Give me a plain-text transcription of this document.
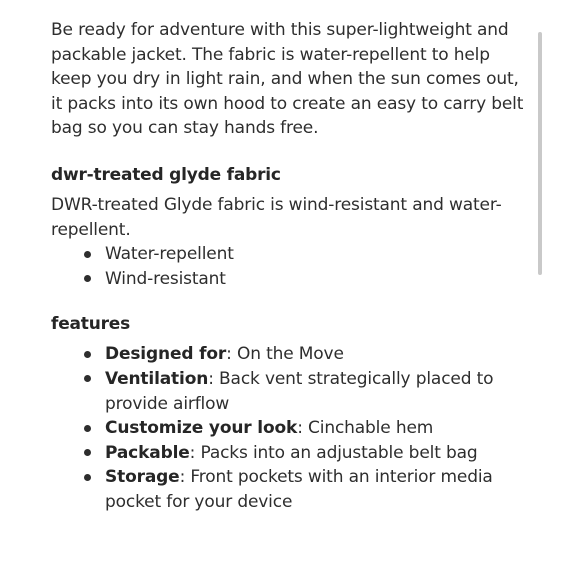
Be ready for adventure with this super-lightweight and packable jacket. The fabric is water-repellent to help keep you dry in light rain, and when the sun comes out, it packs into its own hood to create an easy to carry belt bag so you can stay hands free.

dwr-treated glyde fabric

DWR-treated Glyde fabric is wind-resistant and water-repellent.

Water-repellent
Wind-resistant
features
Designed for: On the Move
Ventilation: Back vent strategically placed to provide airflow
Customize your look: Cinchable hem
Packable: Packs into an adjustable belt bag
Storage: Front pockets with an interior media pocket for your device
